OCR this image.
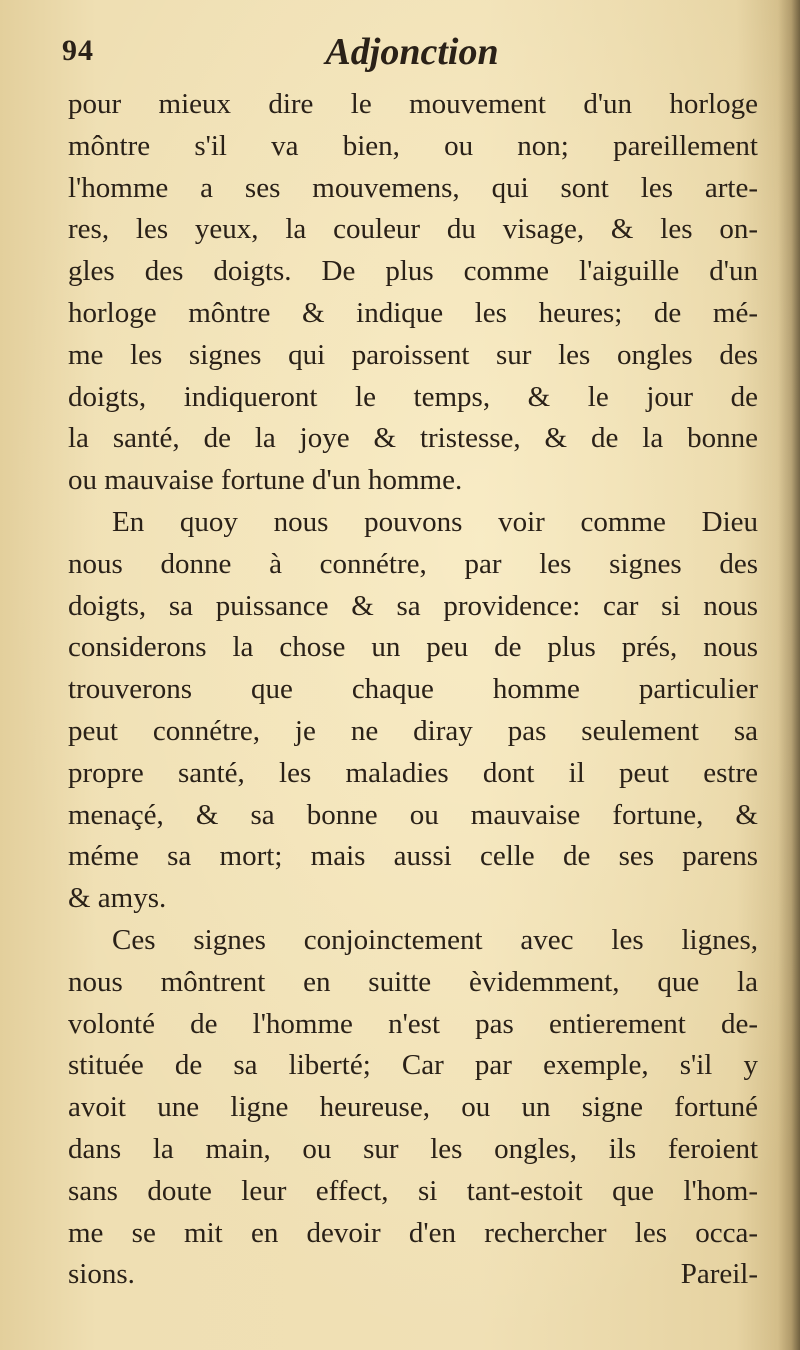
94	Adjonction
pour mieux dire le mouvement d'un horloge
môntre s'il va bien, ou non; pareillement
l'homme a ses mouvemens, qui sont les arte-
res, les yeux, la couleur du visage, & les on-
gles des doigts. De plus comme l'aiguille d'un
horloge môntre & indique les heures; de mé-
me les signes qui paroissent sur les ongles des
doigts, indiqueront le temps, & le jour de
la santé, de la joye & tristesse, & de la bonne
ou mauvaise fortune d'un homme.
En quoy nous pouvons voir comme Dieu
nous donne à connétre, par les signes des
doigts, sa puissance & sa providence: car si nous
considerons la chose un peu de plus prés, nous
trouverons que chaque homme particulier
peut connétre, je ne diray pas seulement sa
propre santé, les maladies dont il peut estre
menaçé, & sa bonne ou mauvaise fortune, &
méme sa mort; mais aussi celle de ses parens
& amys.
Ces signes conjoinctement avec les lignes,
nous môntrent en suitte èvidemment, que la
volonté de l'homme n'est pas entierement de-
stituée de sa liberté; Car par exemple, s'il y
avoit une ligne heureuse, ou un signe fortuné
dans la main, ou sur les ongles, ils feroient
sans doute leur effect, si tant-estoit que l'hom-
me se mit en devoir d'en rechercher les occa-
sions.	Pareil-
